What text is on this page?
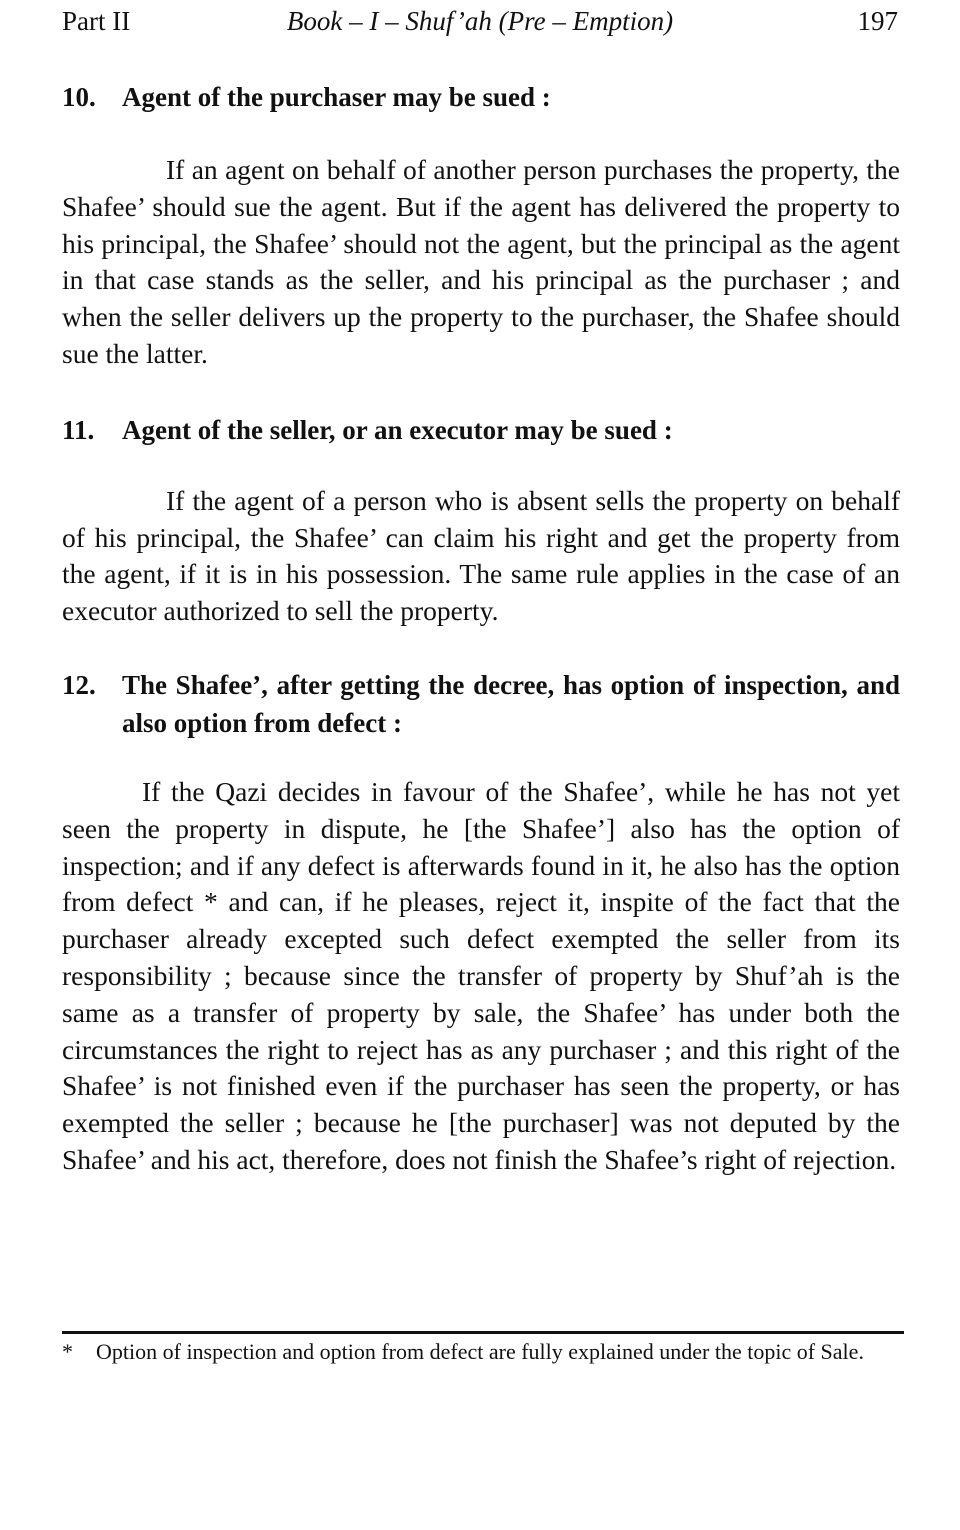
Part II	Book – I – Shuf’ah (Pre – Emption)	197
10. Agent of the purchaser may be sued :

If an agent on behalf of another person purchases the property, the Shafee’ should sue the agent. But if the agent has delivered the property to his principal, the Shafee’ should not the agent, but the principal as the agent in that case stands as the seller, and his principal as the purchaser ; and when the seller delivers up the property to the purchaser, the Shafee should sue the latter.

11.	Agent of the seller, or an executor may be sued :

If the agent of a person who is absent sells the property on behalf of his principal, the Shafee’ can claim his right and get the property from the agent, if it is in his possession. The same rule applies in the case of an executor authorized to sell the property.

12. The Shafee’, after getting the decree, has option of inspection, and also option from defect :

If the Qazi decides in favour of the Shafee’, while he has not yet seen the property in dispute, he [the Shafee’] also has the option of inspection; and if any defect is afterwards found in it, he also has the option from defect * and can, if he pleases, reject it, inspite of the fact that the purchaser already excepted such defect exempted the seller from its responsibility ; because since the transfer of property by Shuf’ah is the same as a transfer of property by sale, the Shafee’ has under both the circumstances the right to reject has as any purchaser ; and this right of the Shafee’ is not finished even if the purchaser has seen the property, or has exempted the seller ; because he [the purchaser] was not deputed by the Shafee’ and his act, therefore, does not finish the Shafee’s right of rejection.

* Option of inspection and option from defect are fully explained under the topic of Sale.
